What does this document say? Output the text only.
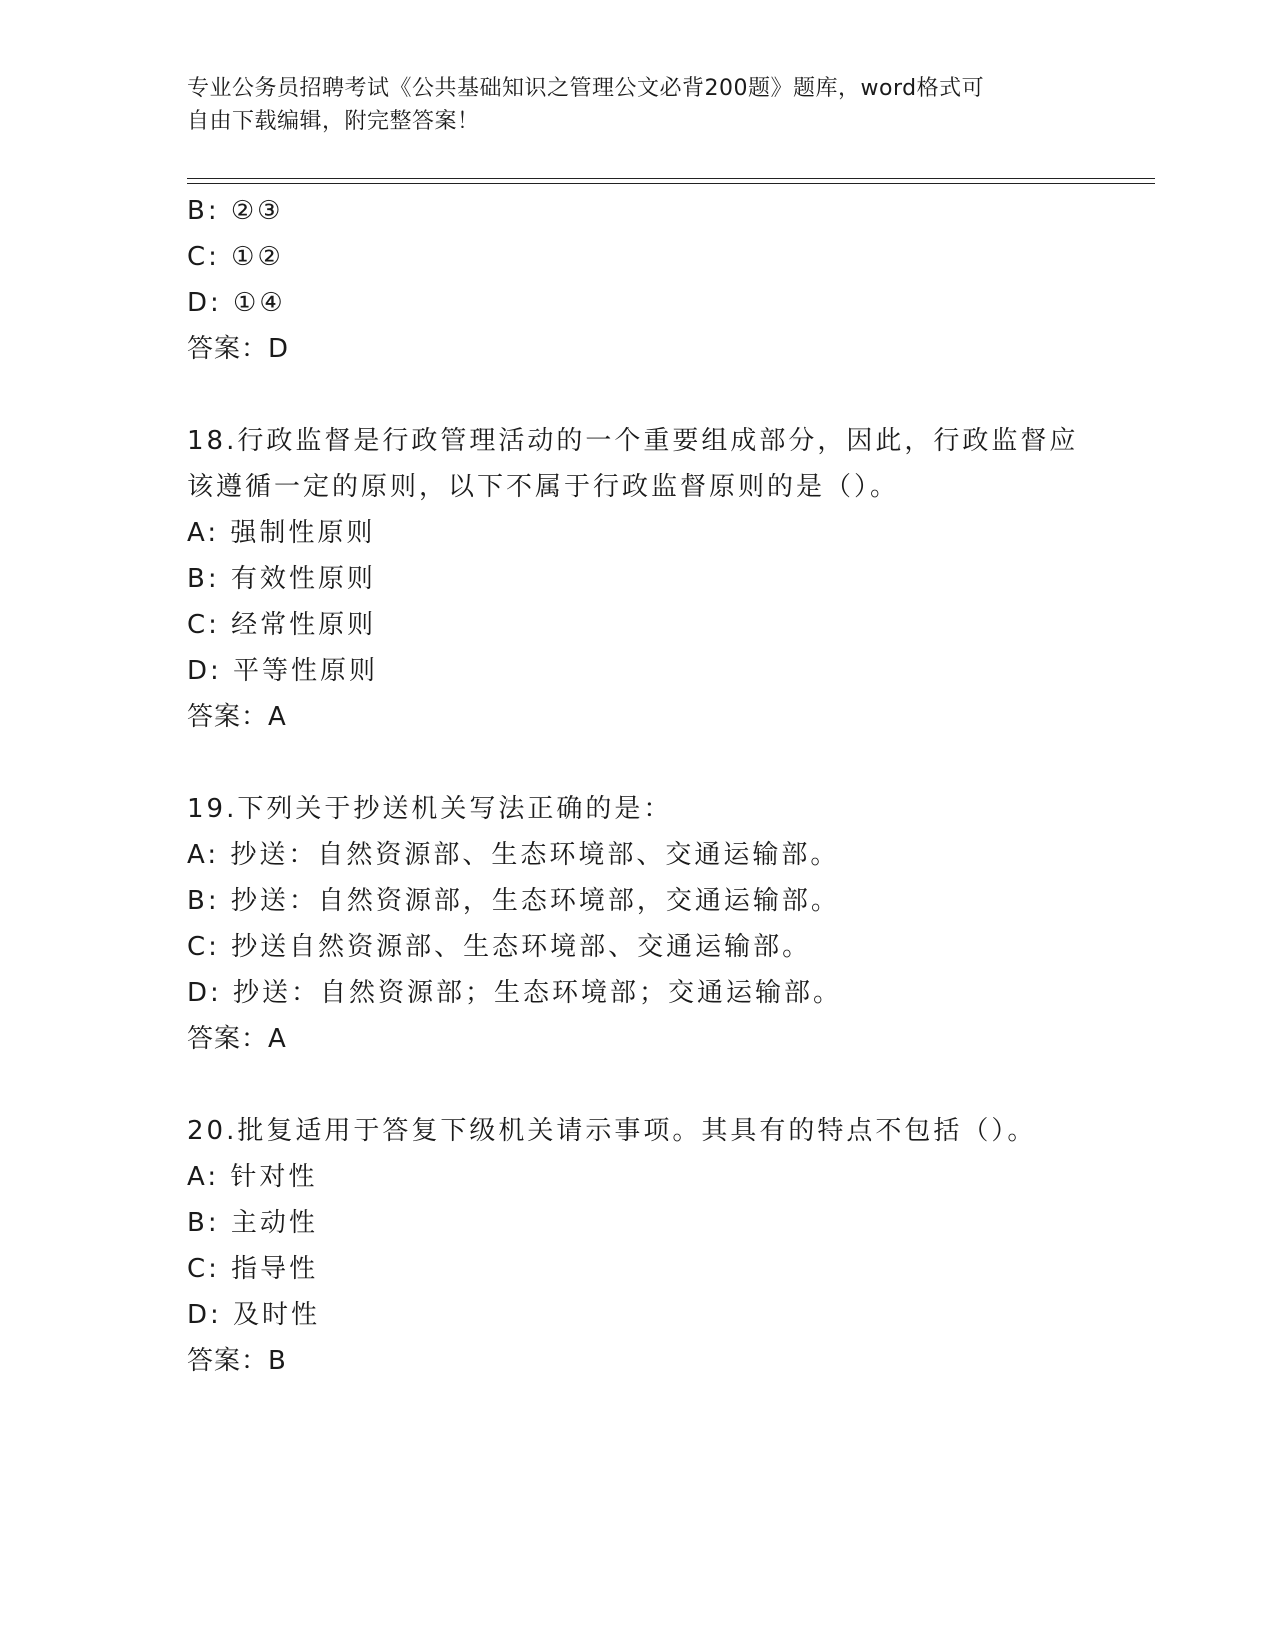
专业公务员招聘考试《公共基础知识之管理公文必背200题》题库，word格式可
自由下载编辑，附完整答案！
B: ②③
C: ①②
D: ①④
答案：D
18.行政监督是行政管理活动的一个重要组成部分，因此，行政监督应
该遵循一定的原则，以下不属于行政监督原则的是（）。
A: 强制性原则
B: 有效性原则
C: 经常性原则
D: 平等性原则
答案：A
19.下列关于抄送机关写法正确的是：
A: 抄送：自然资源部、生态环境部、交通运输部。
B: 抄送：自然资源部，生态环境部，交通运输部。
C: 抄送自然资源部、生态环境部、交通运输部。
D: 抄送：自然资源部；生态环境部；交通运输部。
答案：A
20.批复适用于答复下级机关请示事项。其具有的特点不包括（）。
A: 针对性
B: 主动性
C: 指导性
D: 及时性
答案：B
